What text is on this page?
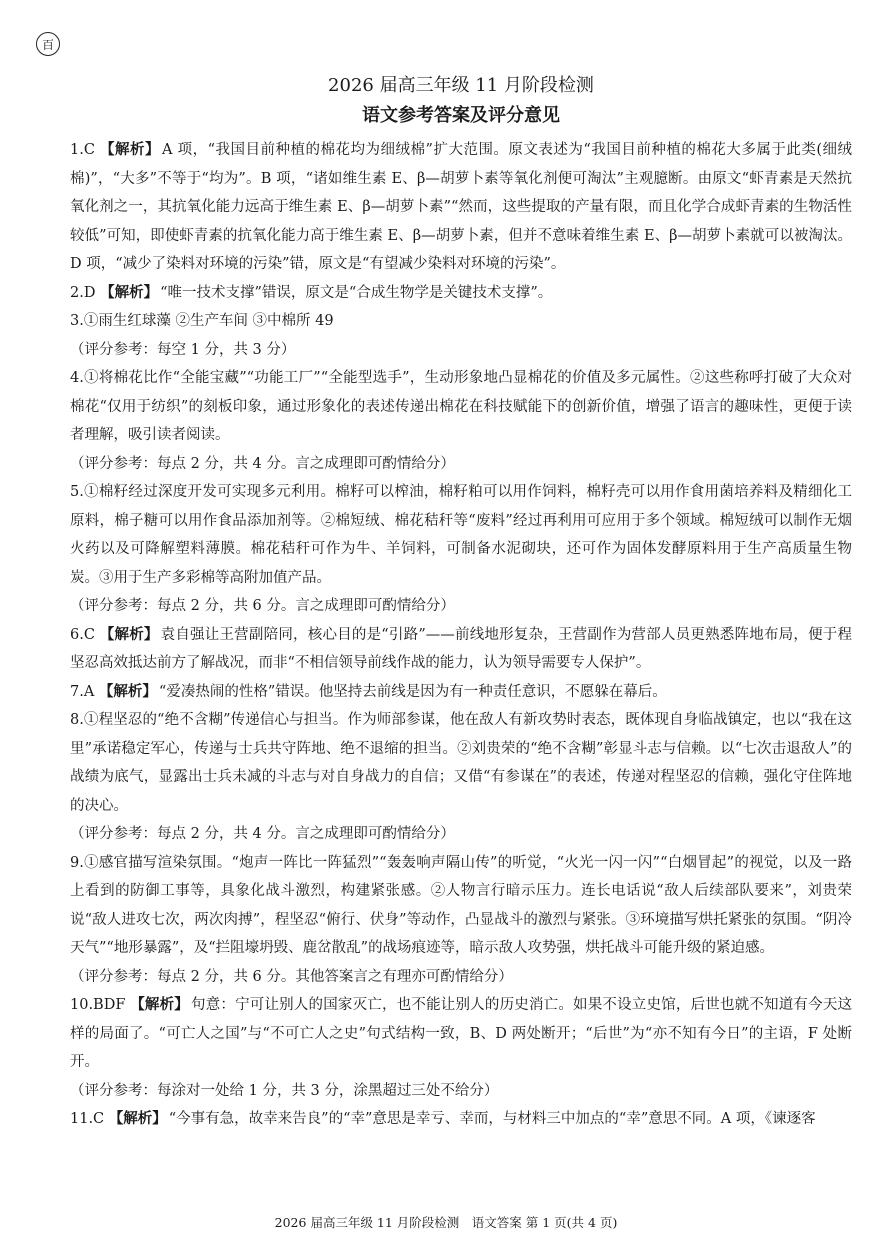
百
2026 届高三年级 11 月阶段检测
语文参考答案及评分意见

1.C 【解析】 A 项，“我国目前种植的棉花均为细绒棉”扩大范围。原文表述为“我国目前种植的棉花大多属于此类(细绒棉)”，“大多”不等于“均为”。B 项，“诸如维生素 E、β—胡萝卜素等氧化剂便可淘汰”主观臆断。由原文“虾青素是天然抗氧化剂之一，其抗氧化能力远高于维生素 E、β—胡萝卜素”“然而，这些提取的产量有限，而且化学合成虾青素的生物活性较低”可知，即使虾青素的抗氧化能力高于维生素 E、β—胡萝卜素，但并不意味着维生素 E、β—胡萝卜素就可以被淘汰。D 项，“减少了染料对环境的污染”错，原文是“有望减少染料对环境的污染”。

2.D 【解析】 “唯一技术支撑”错误，原文是“合成生物学是关键技术支撑”。

3.①雨生红球藻 ②生产车间 ③中棉所 49

（评分参考：每空 1 分，共 3 分）

4.①将棉花比作“全能宝藏”“功能工厂”“全能型选手”，生动形象地凸显棉花的价值及多元属性。②这些称呼打破了大众对棉花“仅用于纺织”的刻板印象，通过形象化的表述传递出棉花在科技赋能下的创新价值，增强了语言的趣味性，更便于读者理解，吸引读者阅读。

（评分参考：每点 2 分，共 4 分。言之成理即可酌情给分）

5.①棉籽经过深度开发可实现多元利用。棉籽可以榨油，棉籽粕可以用作饲料，棉籽壳可以用作食用菌培养料及精细化工原料，棉子糖可以用作食品添加剂等。②棉短绒、棉花秸秆等“废料”经过再利用可应用于多个领域。棉短绒可以制作无烟火药以及可降解塑料薄膜。棉花秸秆可作为牛、羊饲料，可制备水泥砌块，还可作为固体发酵原料用于生产高质量生物炭。③用于生产多彩棉等高附加值产品。

（评分参考：每点 2 分，共 6 分。言之成理即可酌情给分）

6.C 【解析】 袁自强让王营副陪同，核心目的是“引路”——前线地形复杂，王营副作为营部人员更熟悉阵地布局，便于程坚忍高效抵达前方了解战况，而非“不相信领导前线作战的能力，认为领导需要专人保护”。

7.A 【解析】 “爱凑热闹的性格”错误。他坚持去前线是因为有一种责任意识，不愿躲在幕后。

8.①程坚忍的“绝不含糊”传递信心与担当。作为师部参谋，他在敌人有新攻势时表态，既体现自身临战镇定，也以“我在这里”承诺稳定军心，传递与士兵共守阵地、绝不退缩的担当。②刘贵荣的“绝不含糊”彰显斗志与信赖。以“七次击退敌人”的战绩为底气，显露出士兵未减的斗志与对自身战力的自信；又借“有参谋在”的表述，传递对程坚忍的信赖，强化守住阵地的决心。

（评分参考：每点 2 分，共 4 分。言之成理即可酌情给分）

9.①感官描写渲染氛围。“炮声一阵比一阵猛烈”“轰轰响声隔山传”的听觉，“火光一闪一闪”“白烟冒起”的视觉，以及一路上看到的防御工事等，具象化战斗激烈，构建紧张感。②人物言行暗示压力。连长电话说“敌人后续部队要来”，刘贵荣说“敌人进攻七次，两次肉搏”，程坚忍“俯行、伏身”等动作，凸显战斗的激烈与紧张。③环境描写烘托紧张的氛围。“阴冷天气”“地形暴露”，及“拦阻壕坍毁、鹿岔散乱”的战场痕迹等，暗示敌人攻势强，烘托战斗可能升级的紧迫感。

（评分参考：每点 2 分，共 6 分。其他答案言之有理亦可酌情给分）

10.BDF 【解析】 句意：宁可让别人的国家灭亡，也不能让别人的历史消亡。如果不设立史馆，后世也就不知道有今天这样的局面了。“可亡人之国”与“不可亡人之史”句式结构一致，B、D 两处断开；“后世”为“亦不知有今日”的主语，F 处断开。

（评分参考：每涂对一处给 1 分，共 3 分，涂黑超过三处不给分）

11.C 【解析】 “今事有急，故幸来告良”的“幸”意思是幸亏、幸而，与材料三中加点的“幸”意思不同。A 项，《谏逐客

2026 届高三年级 11 月阶段检测　语文答案 第 1 页(共 4 页)
